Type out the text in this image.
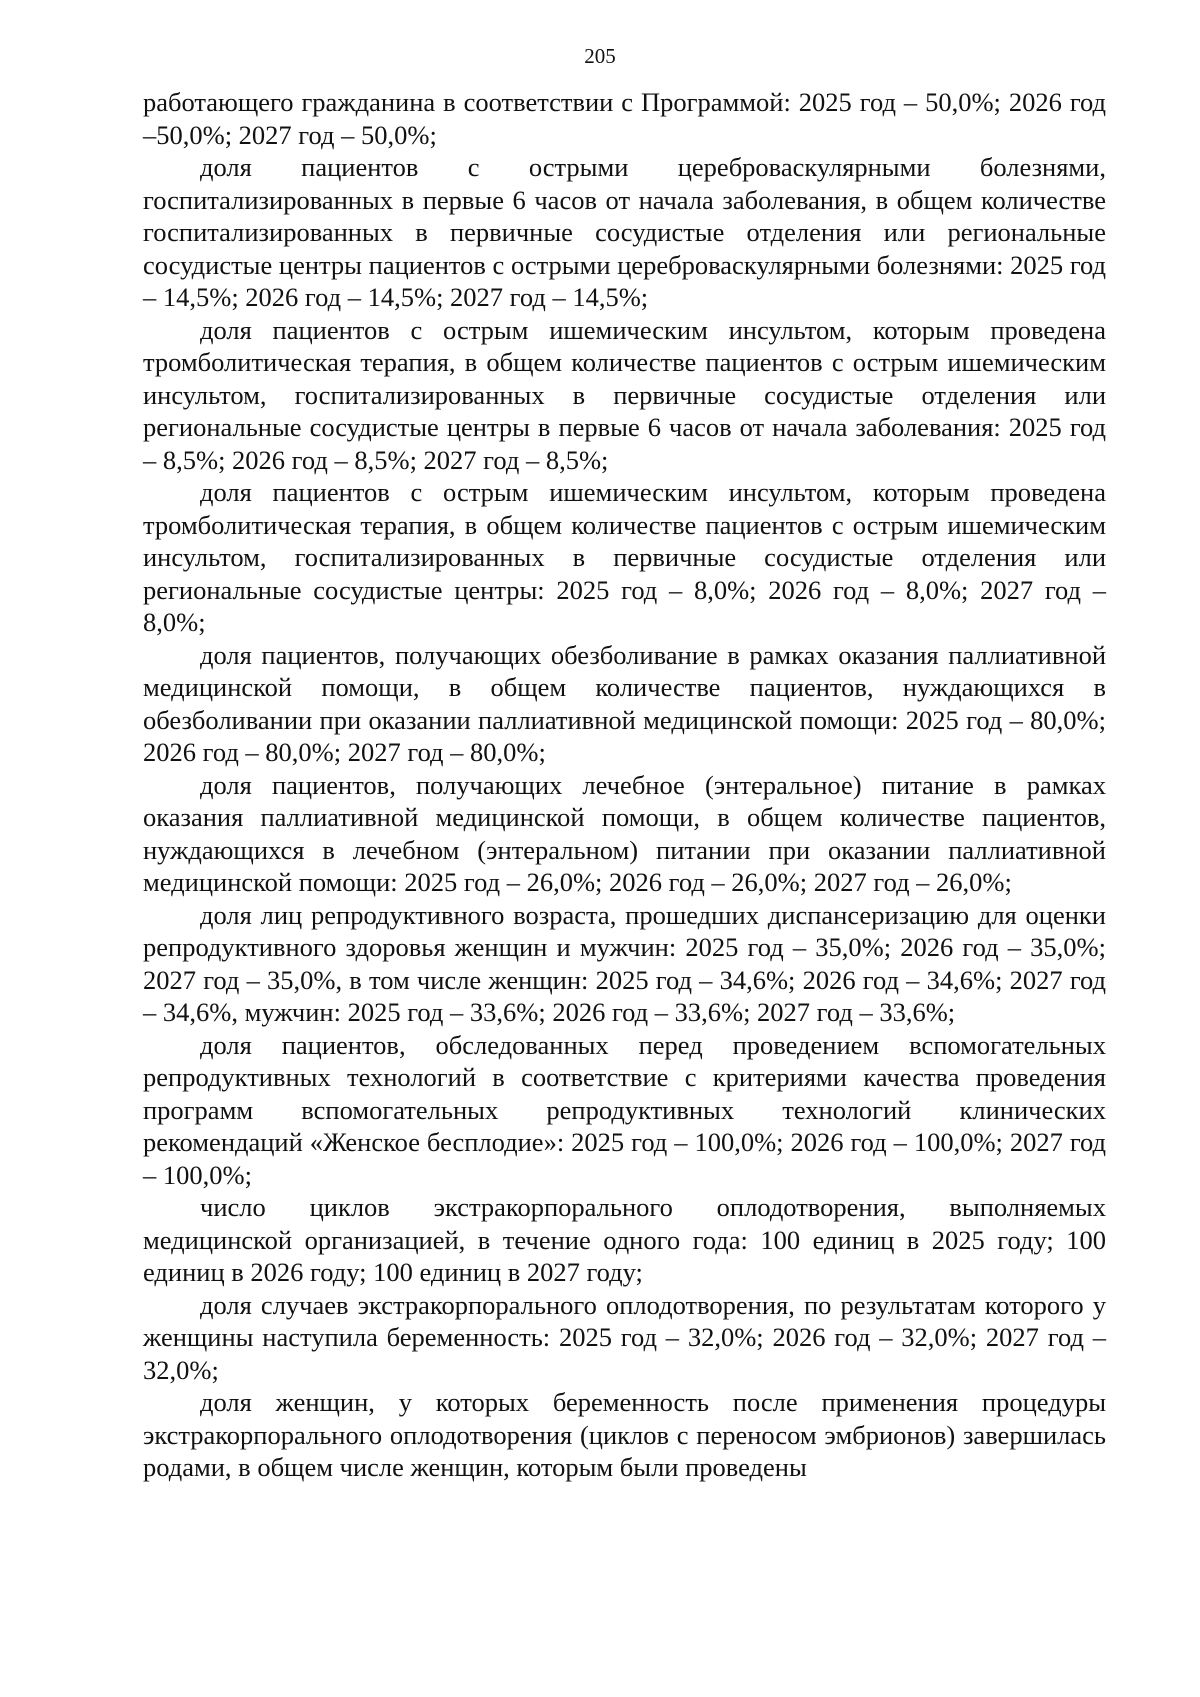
205

работающего гражданина в соответствии с Программой: 2025 год – 50,0%; 2026 год –50,0%; 2027 год – 50,0%;

доля пациентов с острыми цереброваскулярными болезнями, госпитализированных в первые 6 часов от начала заболевания, в общем количестве госпитализированных в первичные сосудистые отделения или региональные сосудистые центры пациентов с острыми цереброваскулярными болезнями: 2025 год – 14,5%; 2026 год – 14,5%; 2027 год – 14,5%;

доля пациентов с острым ишемическим инсультом, которым проведена тромболитическая терапия, в общем количестве пациентов с острым ишемическим инсультом, госпитализированных в первичные сосудистые отделения или региональные сосудистые центры в первые 6 часов от начала заболевания: 2025 год – 8,5%; 2026 год – 8,5%; 2027 год – 8,5%;

доля пациентов с острым ишемическим инсультом, которым проведена тромболитическая терапия, в общем количестве пациентов с острым ишемическим инсультом, госпитализированных в первичные сосудистые отделения или региональные сосудистые центры: 2025 год – 8,0%; 2026 год – 8,0%; 2027 год – 8,0%;

доля пациентов, получающих обезболивание в рамках оказания паллиативной медицинской помощи, в общем количестве пациентов, нуждающихся в обезболивании при оказании паллиативной медицинской помощи: 2025 год – 80,0%; 2026 год – 80,0%; 2027 год – 80,0%;

доля пациентов, получающих лечебное (энтеральное) питание в рамках оказания паллиативной медицинской помощи, в общем количестве пациентов, нуждающихся в лечебном (энтеральном) питании при оказании паллиативной медицинской помощи: 2025 год – 26,0%; 2026 год – 26,0%; 2027 год – 26,0%;

доля лиц репродуктивного возраста, прошедших диспансеризацию для оценки репродуктивного здоровья женщин и мужчин: 2025 год – 35,0%; 2026 год – 35,0%; 2027 год – 35,0%, в том числе женщин: 2025 год – 34,6%; 2026 год – 34,6%; 2027 год – 34,6%, мужчин: 2025 год – 33,6%; 2026 год – 33,6%; 2027 год – 33,6%;

доля пациентов, обследованных перед проведением вспомогательных репродуктивных технологий в соответствие с критериями качества проведения программ вспомогательных репродуктивных технологий клинических рекомендаций «Женское бесплодие»: 2025 год – 100,0%; 2026 год – 100,0%; 2027 год – 100,0%;

число циклов экстракорпорального оплодотворения, выполняемых медицинской организацией, в течение одного года: 100 единиц в 2025 году; 100 единиц в 2026 году; 100 единиц в 2027 году;

доля случаев экстракорпорального оплодотворения, по результатам которого у женщины наступила беременность: 2025 год – 32,0%; 2026 год – 32,0%; 2027 год – 32,0%;

доля женщин, у которых беременность после применения процедуры экстракорпорального оплодотворения (циклов с переносом эмбрионов) завершилась родами, в общем числе женщин, которым были проведены
